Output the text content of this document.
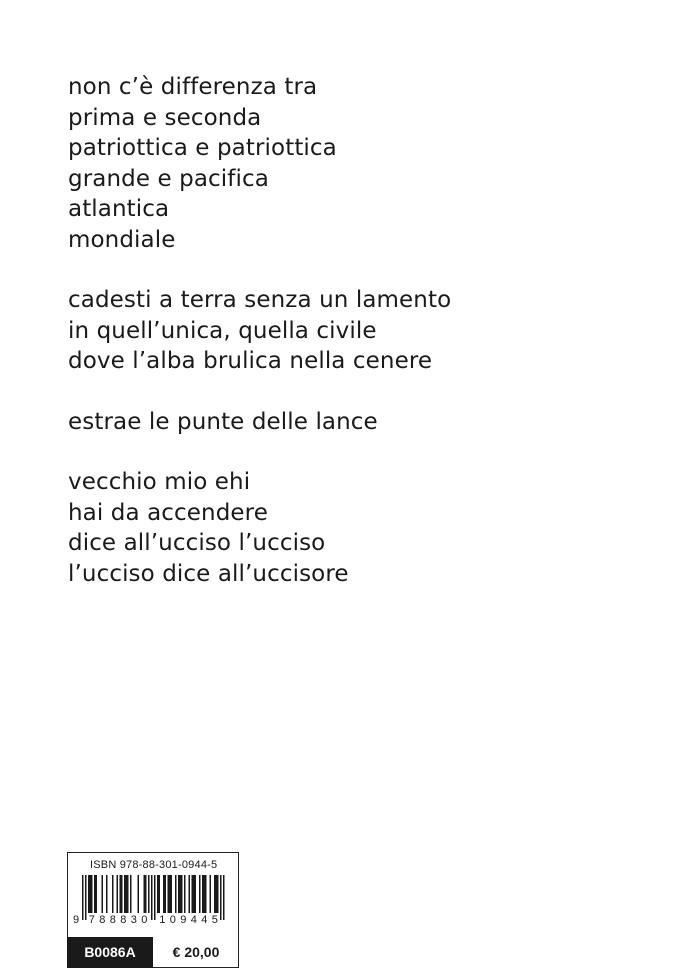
non c’è differenza tra
prima e seconda
patriottica e patriottica
grande e pacifica
atlantica
mondiale
cadesti a terra senza un lamento
in quell’unica, quella civile
dove l’alba brulica nella cenere
estrae le punte delle lance
vecchio mio ehi
hai da accendere
dice all’ucciso l’ucciso
l’ucciso dice all’uccisore
ISBN 978-88-301-0944-5
9 7 8 8 8 3 0 1 0 9 4 4 5
B0086A	€ 20,00
